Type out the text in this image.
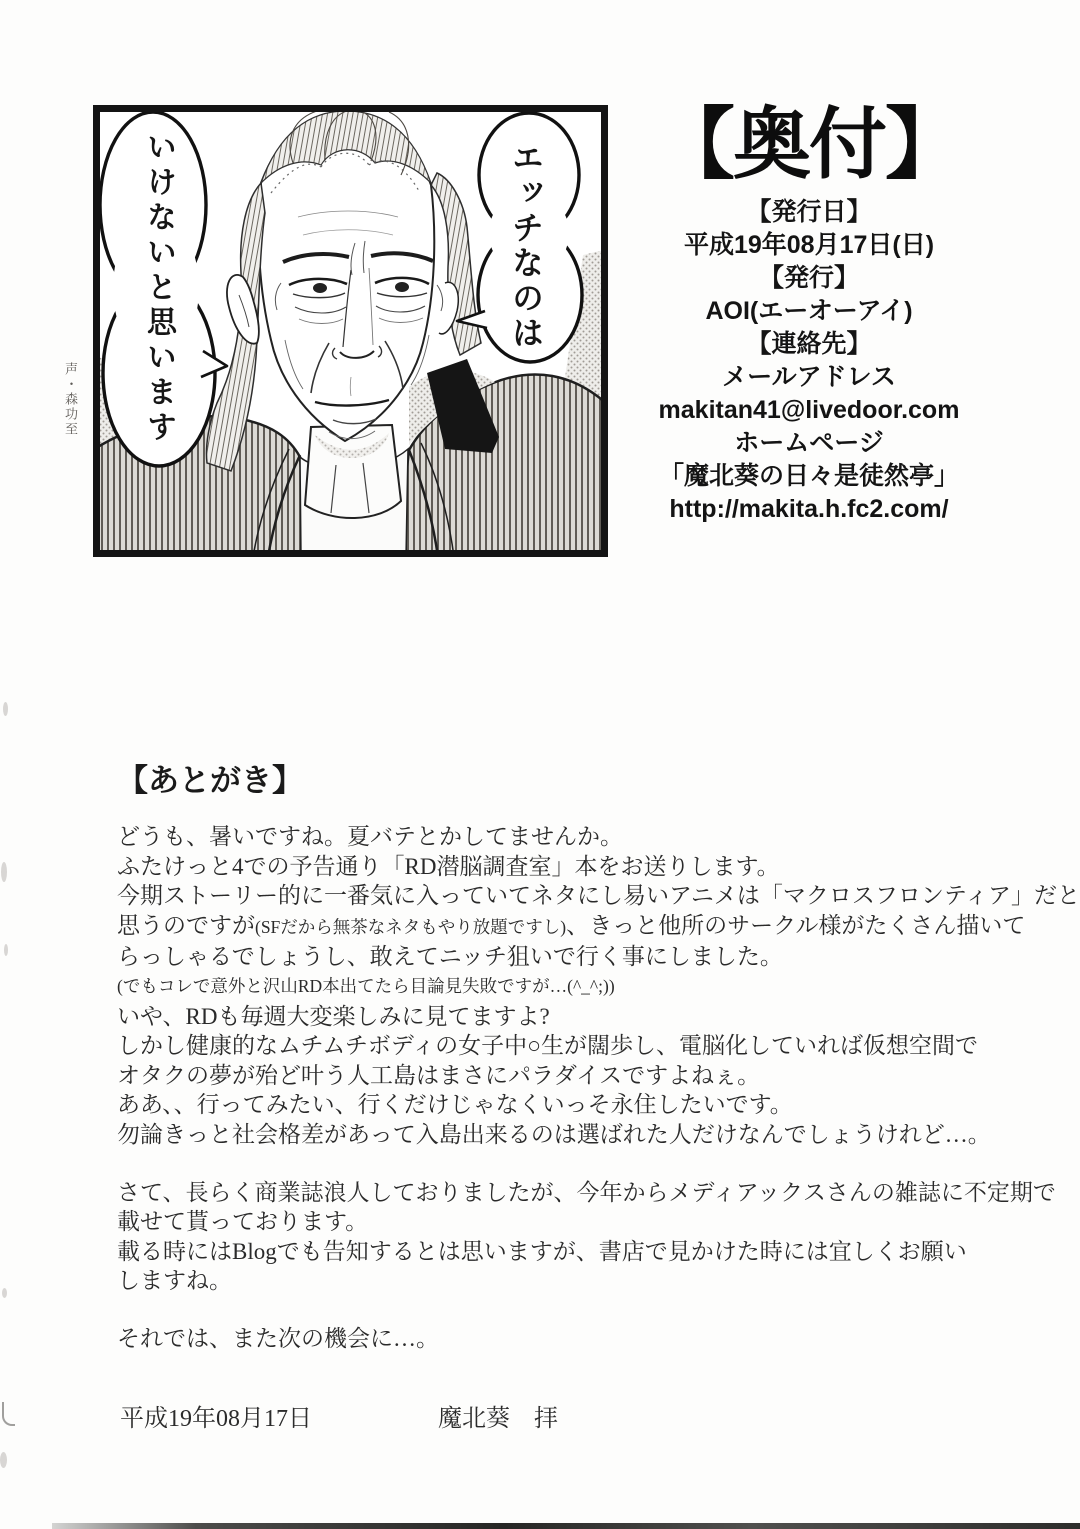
いけないと思います	エッチなのは
声・森功至
【奥付】
【発行日】
平成19年08月17日(日)
【発行】
AOI(エーオーアイ)
【連絡先】
メールアドレス
makitan41@livedoor.com
ホームページ
「魔北葵の日々是徒然亭」
http://makita.h.fc2.com/
【あとがき】
どうも、暑いですね。夏バテとかしてませんか。
ふたけっと4での予告通り「RD潜脳調査室」本をお送りします。
今期ストーリー的に一番気に入っていてネタにし易いアニメは「マクロスフロンティア」だと
思うのですが(SFだから無茶なネタもやり放題ですし)、きっと他所のサークル様がたくさん描いて
らっしゃるでしょうし、敢えてニッチ狙いで行く事にしました。
(でもコレで意外と沢山RD本出てたら目論見失敗ですが…(^_^;))
いや、RDも毎週大変楽しみに見てますよ?
しかし健康的なムチムチボディの女子中○生が闊歩し、電脳化していれば仮想空間で
オタクの夢が殆ど叶う人工島はまさにパラダイスですよねぇ。
ああ、、行ってみたい、行くだけじゃなくいっそ永住したいです。
勿論きっと社会格差があって入島出来るのは選ばれた人だけなんでしょうけれど…。
さて、長らく商業誌浪人しておりましたが、今年からメディアックスさんの雑誌に不定期で
載せて貰っております。
載る時にはBlogでも告知するとは思いますが、書店で見かけた時には宜しくお願い
しますね。
それでは、また次の機会に…。
平成19年08月17日	魔北葵　拝
